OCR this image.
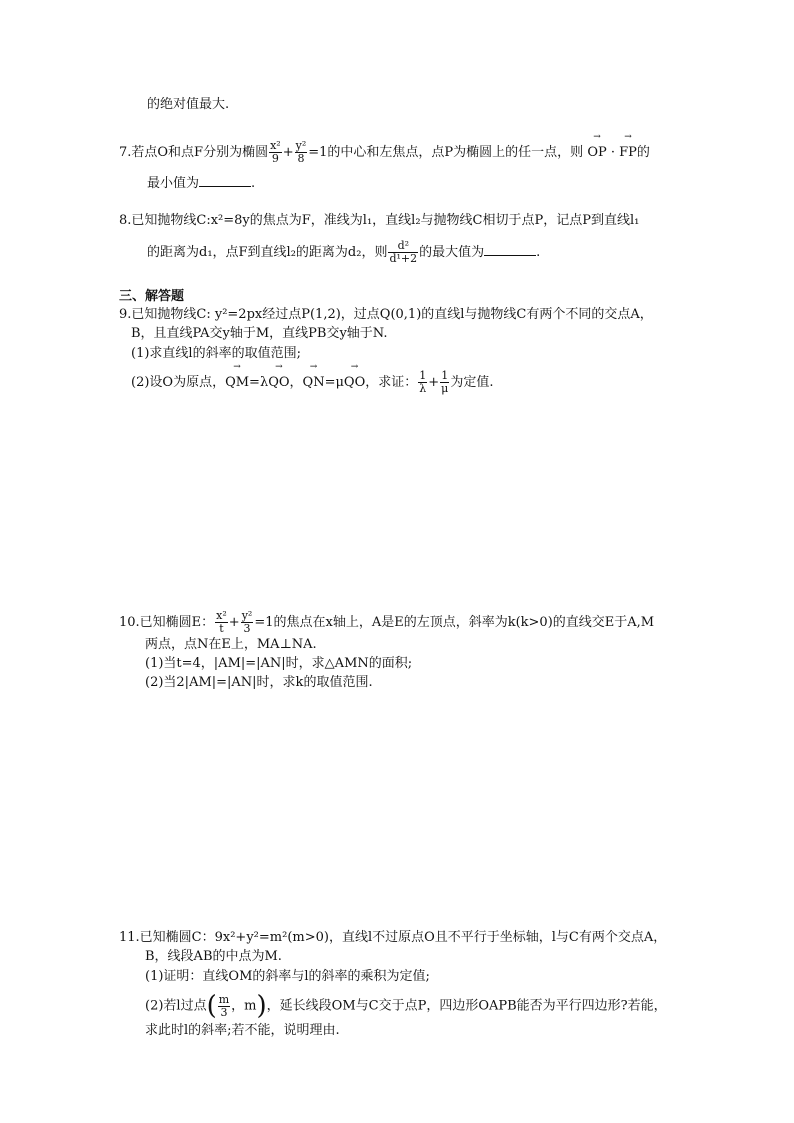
的绝对值最大.
7.若点O和点F分别为椭圆 $\frac{\text{x²}}{9} + \frac{\text{y²}}{8} =1$的中心和左焦点，点P为椭圆上的任一点，则 → OP · → FP的
最小值为	.
8.已知抛物线C:x²=8y的焦点为F，准线为l₁，直线l₂与抛物线C相切于点P，记点P到直线l₁
的距离为d₁，点F到直线l₂的距离为d₂，则 $\frac{\text{d²}}{\text{d¹+2}}$ 的最大值为	.
三、解答题
9.已知抛物线C: y²=2px经过点P(1,2)，过点Q(0,1)的直线l与抛物线C有两个不同的交点A，
B，且直线PA交y轴于M，直线PB交y轴于N.
(1)求直线l的斜率的取值范围;
(2)设O为原点，→ QM=λ→ QO，→ QN=μ→ QO，求证： $\frac{1}{\lambda} + \frac{1}{\mu}$ 为定值.
10.已知椭圆E： $\frac{\text{x²}}{t} + \frac{\text{y²}}{3} =1$的焦点在x轴上，A是E的左顶点，斜率为k(k>0)的直线交E于A,M
两点，点N在E上，MA⊥NA.
(1)当t=4，|AM|=|AN|时，求△AMN的面积;
(2)当2|AM|=|AN|时，求k的取值范围.
11.已知椭圆C：9x²+y²=m²(m>0)，直线l不过原点O且不平行于坐标轴，l与C有两个交点A，
B，线段AB的中点为M.
(1)证明：直线OM的斜率与l的斜率的乘积为定值;
(2)若l过点( $\frac{m}{3}$ ，m)，延长线段OM与C交于点P，四边形OAPB能否为平行四边形?若能，
求此时l的斜率;若不能，说明理由.
